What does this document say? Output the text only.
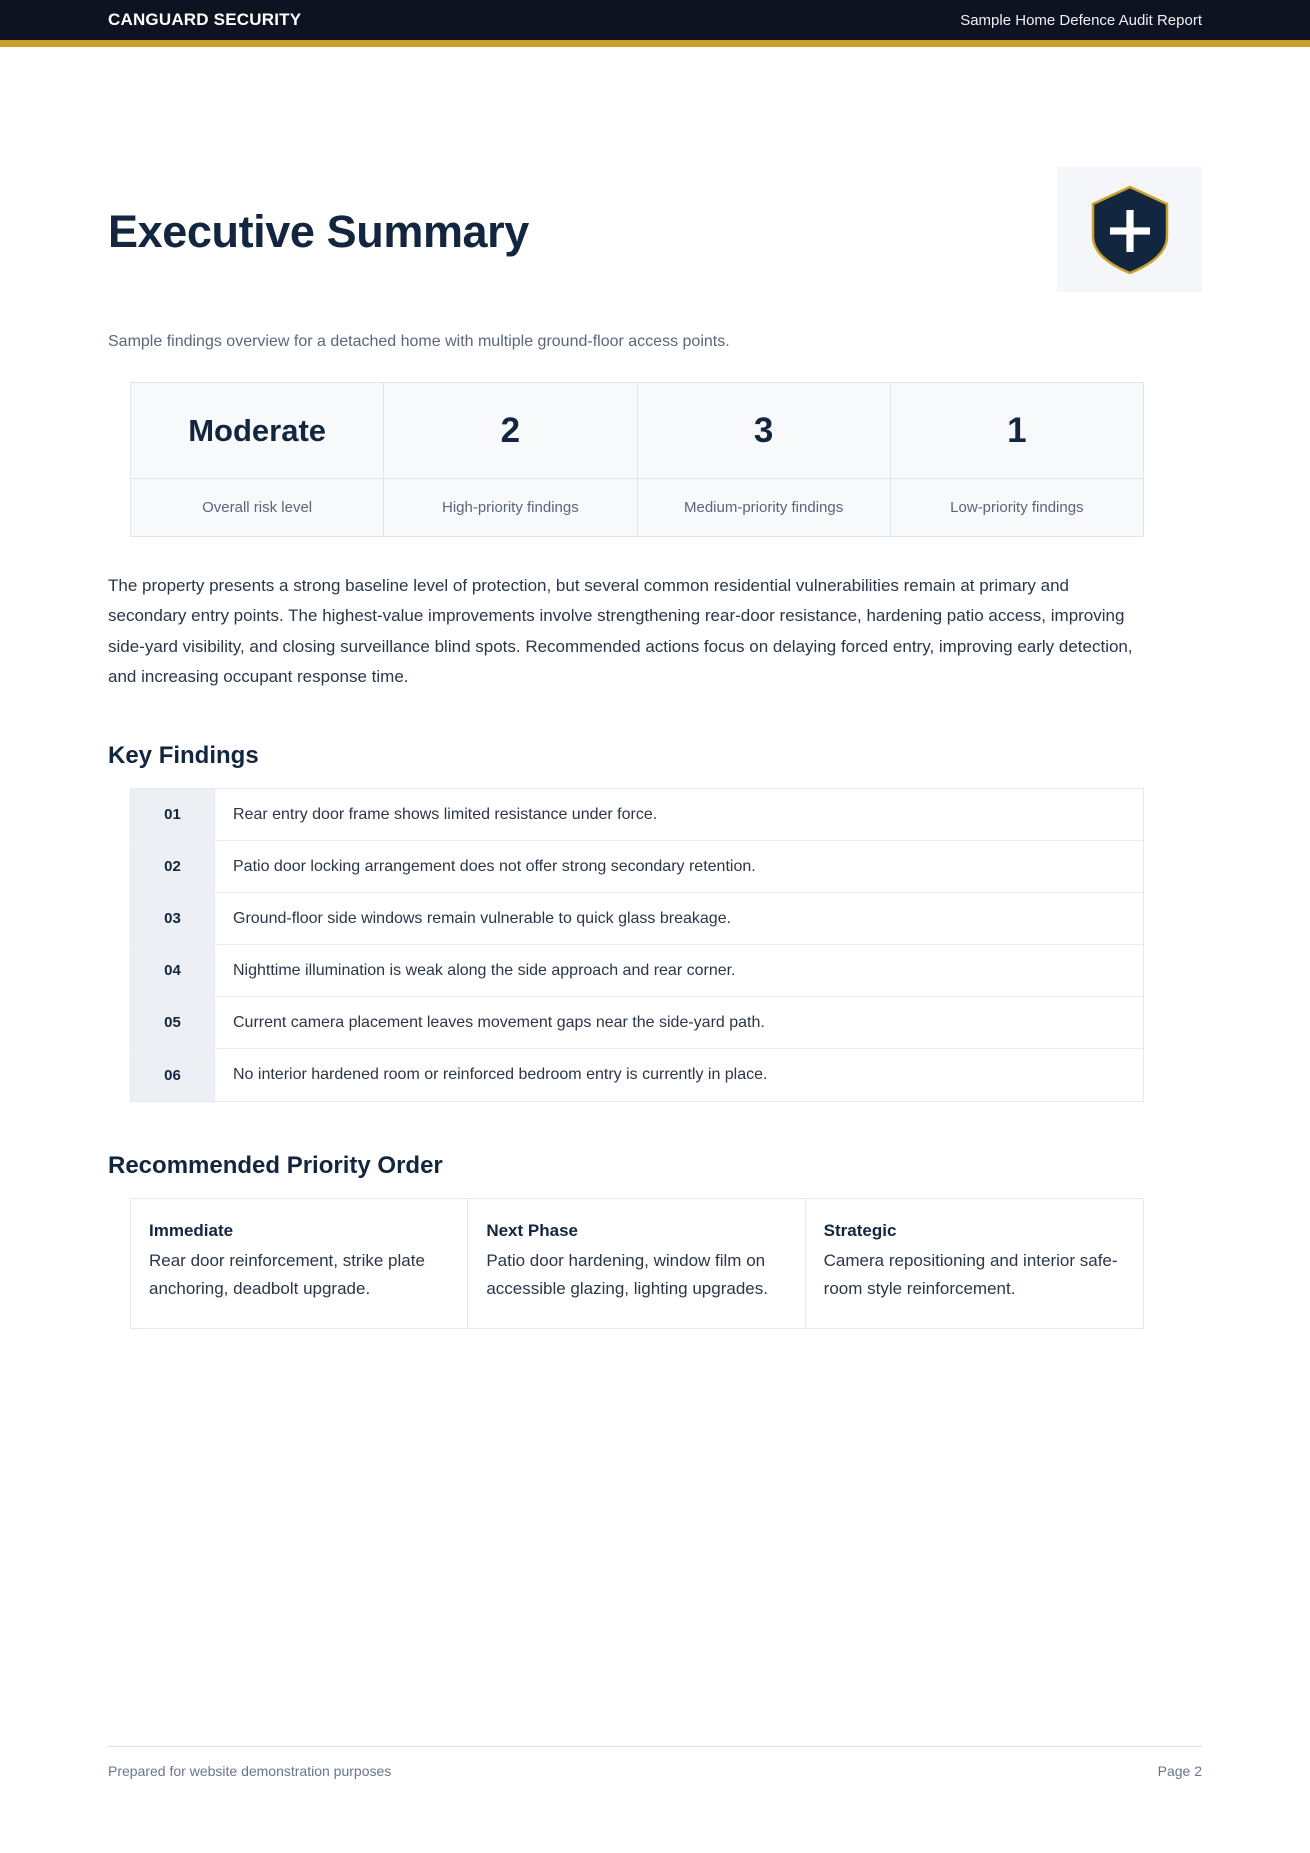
CANGUARD SECURITY	Sample Home Defence Audit Report
Executive Summary
Sample findings overview for a detached home with multiple ground-floor access points.
Moderate	2	3	1

Overall risk level	High-priority findings	Medium-priority findings	Low-priority findings

The property presents a strong baseline level of protection, but several common residential vulnerabilities remain at primary and secondary entry points. The highest-value improvements involve strengthening rear-door resistance, hardening patio access, improving side-yard visibility, and closing surveillance blind spots. Recommended actions focus on delaying forced entry, improving early detection, and increasing occupant response time.

Key Findings
01	Rear entry door frame shows limited resistance under force.
02	Patio door locking arrangement does not offer strong secondary retention.
03	Ground-floor side windows remain vulnerable to quick glass breakage.
04	Nighttime illumination is weak along the side approach and rear corner.
05	Current camera placement leaves movement gaps near the side-yard path.
06	No interior hardened room or reinforced bedroom entry is currently in place.
Recommended Priority Order
Immediate
Rear door reinforcement, strike plate anchoring, deadbolt upgrade.

Next Phase
Patio door hardening, window film on accessible glazing, lighting upgrades.

Strategic
Camera repositioning and interior safe-room style reinforcement.
Prepared for website demonstration purposes	Page 2
